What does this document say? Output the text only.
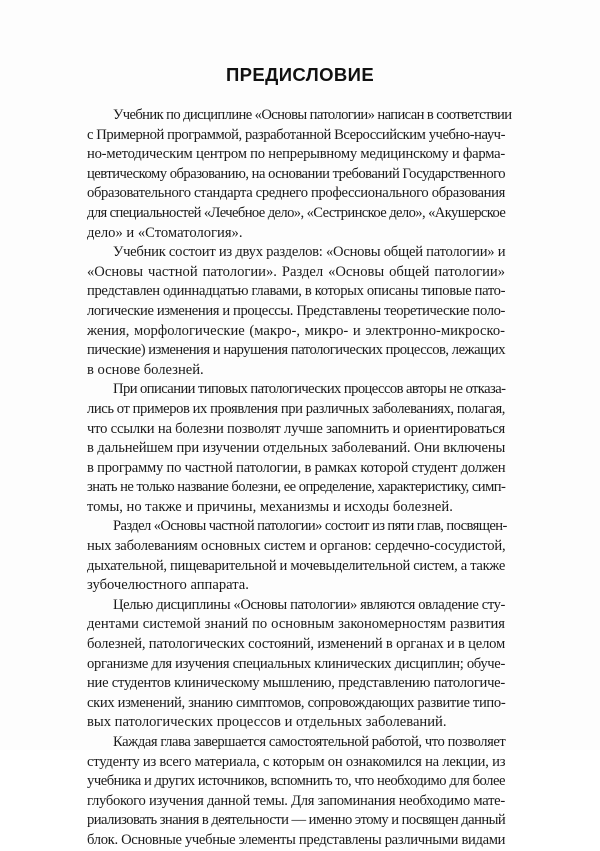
ПРЕДИСЛОВИЕ
Учебник по дисциплине «Основы патологии» написан в соответствии
с Примерной программой, разработанной Всероссийским учебно-науч-
но-методическим центром по непрерывному медицинскому и фарма-
цевтическому образованию, на основании требований Государственного
образовательного стандарта среднего профессионального образования
для специальностей «Лечебное дело», «Сестринское дело», «Акушерское
дело» и «Стоматология».
Учебник состоит из двух разделов: «Основы общей патологии» и
«Основы частной патологии». Раздел «Основы общей патологии»
представлен одиннадцатью главами, в которых описаны типовые пато-
логические изменения и процессы. Представлены теоретические поло-
жения, морфологические (макро-, микро- и электронно-микроско-
пические) изменения и нарушения патологических процессов, лежащих
в основе болезней.
При описании типовых патологических процессов авторы не отказа-
лись от примеров их проявления при различных заболеваниях, полагая,
что ссылки на болезни позволят лучше запомнить и ориентироваться
в дальнейшем при изучении отдельных заболеваний. Они включены
в программу по частной патологии, в рамках которой студент должен
знать не только название болезни, ее определение, характеристику, симп-
томы, но также и причины, механизмы и исходы болезней.
Раздел «Основы частной патологии» состоит из пяти глав, посвящен-
ных заболеваниям основных систем и органов: сердечно-сосудистой,
дыхательной, пищеварительной и мочевыделительной систем, а также
зубочелюстного аппарата.
Целью дисциплины «Основы патологии» являются овладение сту-
дентами системой знаний по основным закономерностям развития
болезней, патологических состояний, изменений в органах и в целом
организме для изучения специальных клинических дисциплин; обуче-
ние студентов клиническому мышлению, представлению патологиче-
ских изменений, знанию симптомов, сопровождающих развитие типо-
вых патологических процессов и отдельных заболеваний.
Каждая глава завершается самостоятельной работой, что позволяет
студенту из всего материала, с которым он ознакомился на лекции, из
учебника и других источников, вспомнить то, что необходимо для более
глубокого изучения данной темы. Для запоминания необходимо мате-
риализовать знания в деятельности — именно этому и посвящен данный
блок. Основные учебные элементы представлены различными видами
